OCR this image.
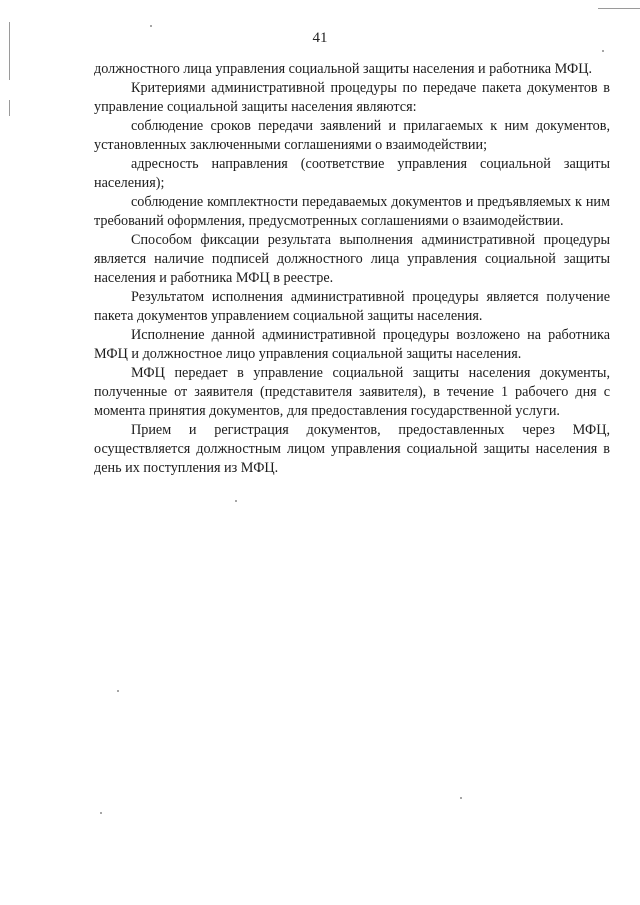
41

должностного лица управления социальной защиты населения и работника МФЦ.

Критериями административной процедуры по передаче пакета документов в управление социальной защиты населения являются:

соблюдение сроков передачи заявлений и прилагаемых к ним документов, установленных заключенными соглашениями о взаимодействии;

адресность направления (соответствие управления социальной защиты населения);

соблюдение комплектности передаваемых документов и предъявляемых к ним требований оформления, предусмотренных соглашениями о взаимодействии.

Способом фиксации результата выполнения административной процедуры является наличие подписей должностного лица управления социальной защиты населения и работника МФЦ в реестре.

Результатом исполнения административной процедуры является получение пакета документов управлением социальной защиты населения.

Исполнение данной административной процедуры возложено на работника МФЦ и должностное лицо управления социальной защиты населения.

МФЦ передает в управление социальной защиты населения документы, полученные от заявителя (представителя заявителя), в течение 1 рабочего дня с момента принятия документов, для предоставления государственной услуги.

Прием и регистрация документов, предоставленных через МФЦ, осуществляется должностным лицом управления социальной защиты населения в день их поступления из МФЦ.
